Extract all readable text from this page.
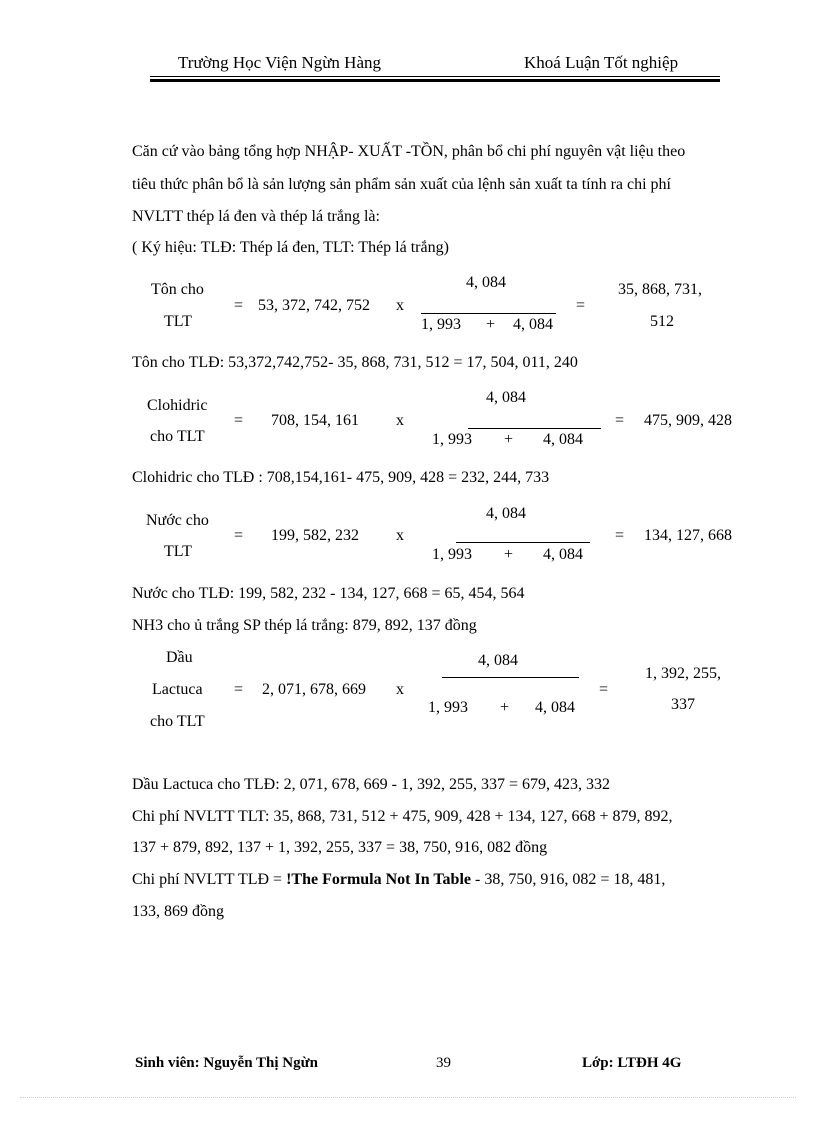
Trường Học Viện Ngừn Hàng	Khoá Luận Tốt nghiệp
Căn cứ vào bảng tổng hợp NHẬP- XUẤT -TỒN, phân bổ chi phí nguyên vật liệu theo
tiêu thức phân bổ là sản lượng sản phẩm sản xuất của lệnh sản xuất ta tính ra chi phí
NVLTT thép lá đen và thép lá trắng là:
( Ký hiệu: TLĐ: Thép lá đen, TLT: Thép lá trắng)
Tôn cho
TLT
= 53, 372, 742, 752 x
4, 084
1, 993 + 4, 084
=
35, 868, 731,
512
Tôn cho TLĐ: 53,372,742,752- 35, 868, 731, 512 = 17, 504, 011, 240
Clohidric
cho TLT
= 708, 154, 161 x
4, 084
1, 993 + 4, 084
= 475, 909, 428
Clohidric cho TLĐ : 708,154,161- 475, 909, 428 = 232, 244, 733
Nước cho
TLT
= 199, 582, 232 x
4, 084
1, 993 + 4, 084
= 134, 127, 668
Nước cho TLĐ: 199, 582, 232 - 134, 127, 668 = 65, 454, 564
NH3 cho ủ trắng SP thép lá trắng: 879, 892, 137 đồng
Dầu
Lactuca
cho TLT
= 2, 071, 678, 669 x
4, 084
1, 993 + 4, 084
=
1, 392, 255,
337
Dầu Lactuca cho TLĐ: 2, 071, 678, 669 - 1, 392, 255, 337 = 679, 423, 332
Chi phí NVLTT TLT: 35, 868, 731, 512 + 475, 909, 428 + 134, 127, 668 + 879, 892,
137 + 879, 892, 137 + 1, 392, 255, 337 = 38, 750, 916, 082 đồng
Chi phí NVLTT TLĐ = !The Formula Not In Table - 38, 750, 916, 082 = 18, 481,
133, 869 đồng
Sinh viên: Nguyễn Thị Ngừn	39	Lớp: LTĐH 4G
